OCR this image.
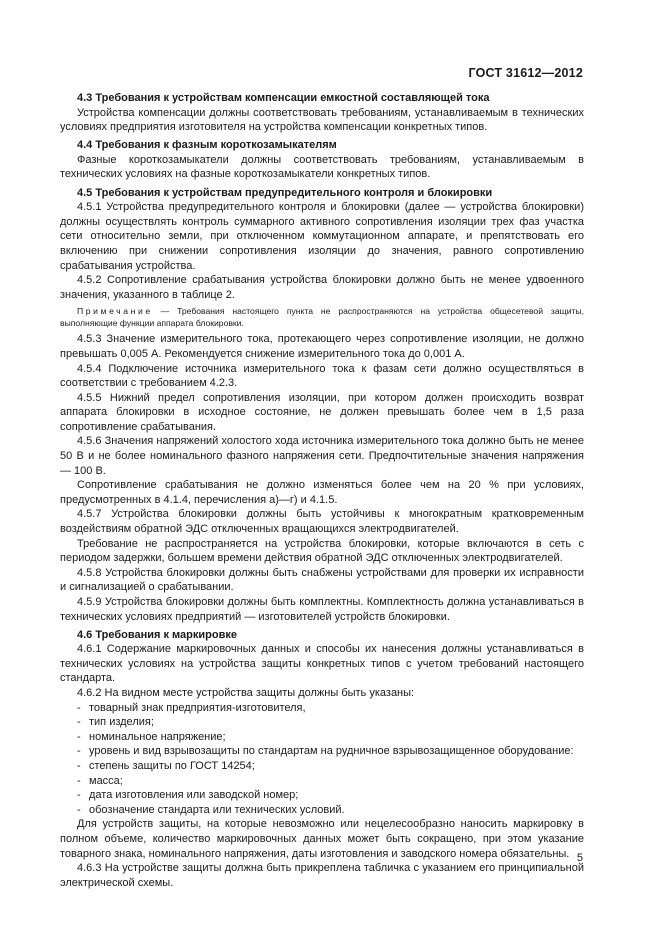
ГОСТ 31612—2012
4.3 Требования к устройствам компенсации емкостной составляющей тока

Устройства компенсации должны соответствовать требованиям, устанавливаемым в технических условиях предприятия изготовителя на устройства компенсации конкретных типов.

4.4 Требования к фазным короткозамыкателям

Фазные короткозамыкатели должны соответствовать требованиям, устанавливаемым в технических условиях на фазные короткозамыкатели конкретных типов.

4.5 Требования к устройствам предупредительного контроля и блокировки

4.5.1 Устройства предупредительного контроля и блокировки (далее — устройства блокировки) должны осуществлять контроль суммарного активного сопротивления изоляции трех фаз участка сети относительно земли, при отключенном коммутационном аппарате, и препятствовать его включению при снижении сопротивления изоляции до значения, равного сопротивлению срабатывания устройства.

4.5.2 Сопротивление срабатывания устройства блокировки должно быть не менее удвоенного значения, указанного в таблице 2.

Примечание — Требования настоящего пункта не распространяются на устройства общесетевой защиты, выполняющие функции аппарата блокировки.

4.5.3 Значение измерительного тока, протекающего через сопротивление изоляции, не должно превышать 0,005 А. Рекомендуется снижение измерительного тока до 0,001 А.

4.5.4 Подключение источника измерительного тока к фазам сети должно осуществляться в соответствии с требованием 4.2.3.

4.5.5 Нижний предел сопротивления изоляции, при котором должен происходить возврат аппарата блокировки в исходное состояние, не должен превышать более чем в 1,5 раза сопротивление срабатывания.

4.5.6 Значения напряжений холостого хода источника измерительного тока должно быть не менее 50 В и не более номинального фазного напряжения сети. Предпочтительные значения напряжения — 100 В.

Сопротивление срабатывания не должно изменяться более чем на 20 % при условиях, предусмотренных в 4.1.4, перечисления а)—г) и 4.1.5.

4.5.7 Устройства блокировки должны быть устойчивы к многократным кратковременным воздействиям обратной ЭДС отключенных вращающихся электродвигателей.

Требование не распространяется на устройства блокировки, которые включаются в сеть с периодом задержки, большем времени действия обратной ЭДС отключенных электродвигателей.

4.5.8 Устройства блокировки должны быть снабжены устройствами для проверки их исправности и сигнализацией о срабатывании.

4.5.9 Устройства блокировки должны быть комплектны. Комплектность должна устанавливаться в технических условиях предприятий — изготовителей устройств блокировки.

4.6 Требования к маркировке

4.6.1 Содержание маркировочных данных и способы их нанесения должны устанавливаться в технических условиях на устройства защиты конкретных типов с учетом требований настоящего стандарта.

4.6.2 На видном месте устройства защиты должны быть указаны:

- товарный знак предприятия-изготовителя,
- тип изделия;
- номинальное напряжение;
- уровень и вид взрывозащиты по стандартам на рудничное взрывозащищенное оборудование:
- степень защиты по ГОСТ 14254;
- масса;
- дата изготовления или заводской номер;
- обозначение стандарта или технических условий.

Для устройств защиты, на которые невозможно или нецелесообразно наносить маркировку в полном объеме, количество маркировочных данных может быть сокращено, при этом указание товарного знака, номинального напряжения, даты изготовления и заводского номера обязательны.

4.6.3 На устройстве защиты должна быть прикреплена табличка с указанием его принципиальной электрической схемы.

5
